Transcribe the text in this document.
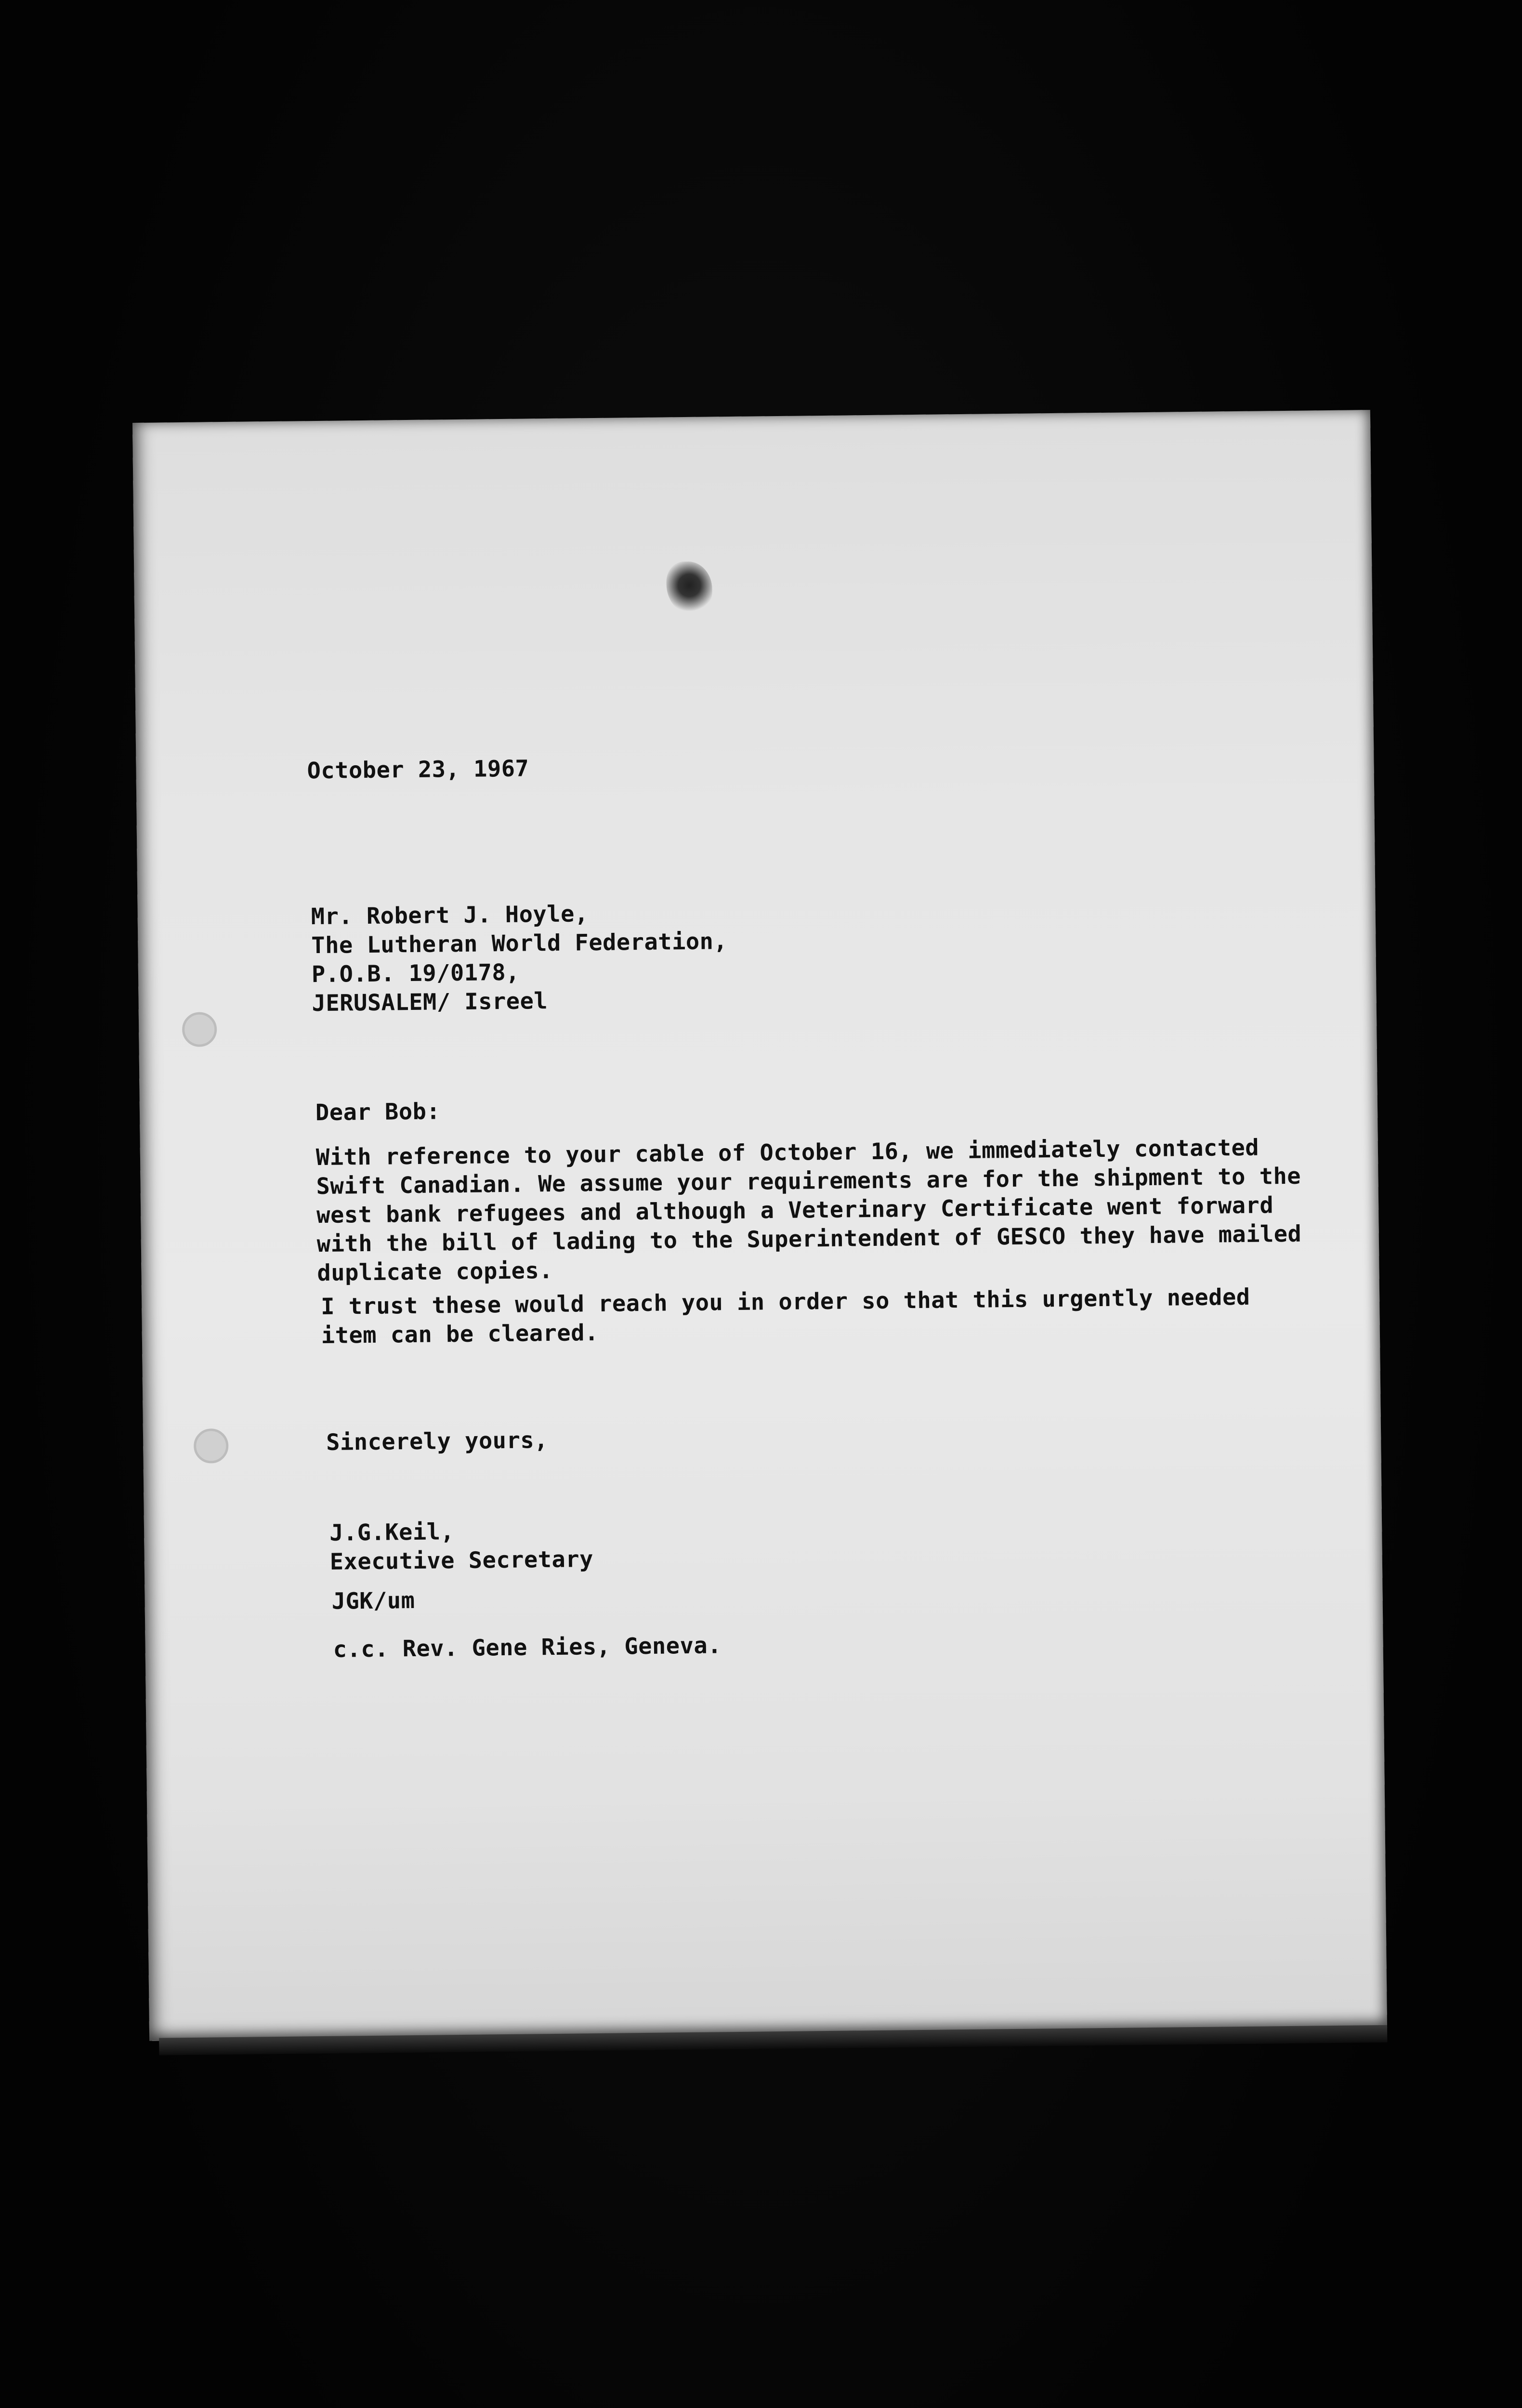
October 23, 1967
Mr. Robert J. Hoyle,
The Lutheran World Federation,
P.O.B. 19/0178,
JERUSALEM/ Isreel
Dear Bob:
With reference to your cable of October 16, we immediately contacted
Swift Canadian. We assume your requirements are for the shipment to the
west bank refugees and although a Veterinary Certificate went forward
with the bill of lading to the Superintendent of GESCO they have mailed
duplicate copies.
I trust these would reach you in order so that this urgently needed
item can be cleared.
Sincerely yours,
J.G.Keil,
Executive Secretary
JGK/um
c.c. Rev. Gene Ries, Geneva.
